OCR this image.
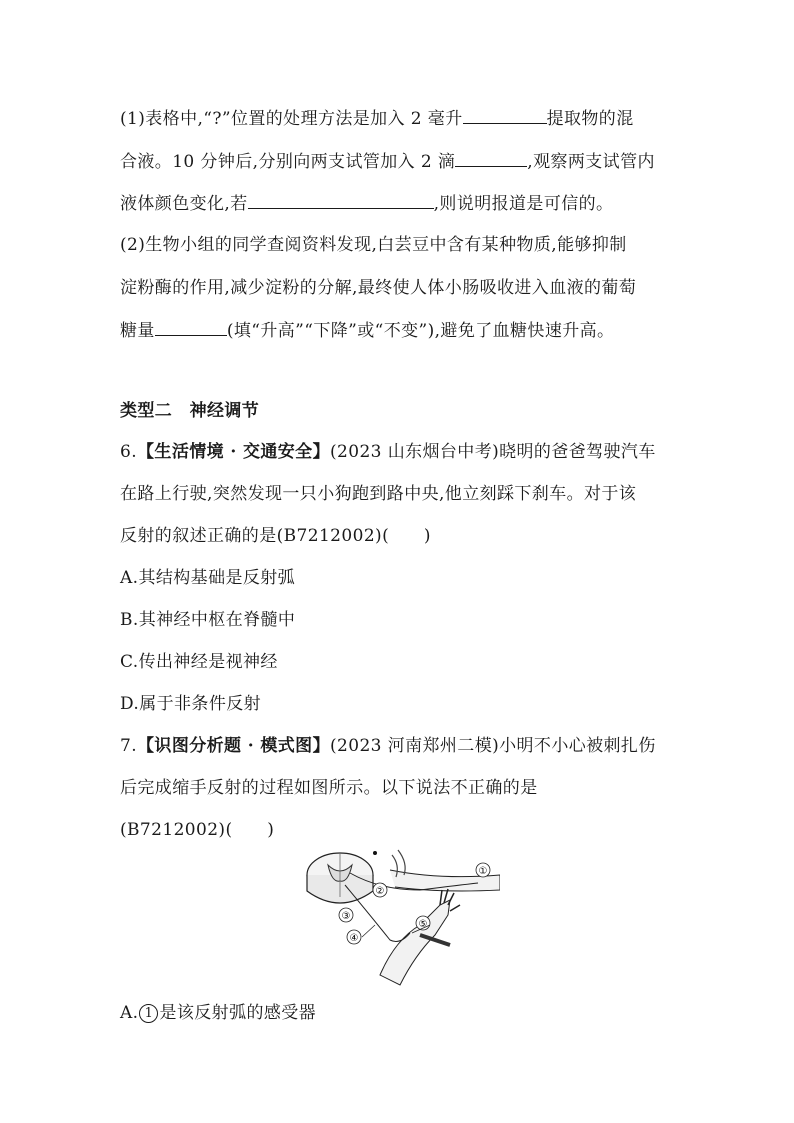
(1)表格中,“?”位置的处理方法是加入 2 毫升	提取物的混
合液。10 分钟后,分别向两支试管加入 2 滴	,观察两支试管内
液体颜色变化,若	,则说明报道是可信的。
(2)生物小组的同学查阅资料发现,白芸豆中含有某种物质,能够抑制
淀粉酶的作用,减少淀粉的分解,最终使人体小肠吸收进入血液的葡萄
糖量	(填“升高”“下降”或“不变”),避免了血糖快速升高。
类型二　神经调节
6.【生活情境 · 交通安全】(2023 山东烟台中考)晓明的爸爸驾驶汽车
在路上行驶,突然发现一只小狗跑到路中央,他立刻踩下刹车。对于该
反射的叙述正确的是(B7212002)(　　)
A.其结构基础是反射弧
B.其神经中枢在脊髓中
C.传出神经是视神经
D.属于非条件反射
7.【识图分析题 · 模式图】(2023 河南郑州二模)小明不小心被刺扎伤
后完成缩手反射的过程如图所示。以下说法不正确的是
(B7212002)(　　)
①
②
③
④
⑤
A. 1 是该反射弧的感受器
